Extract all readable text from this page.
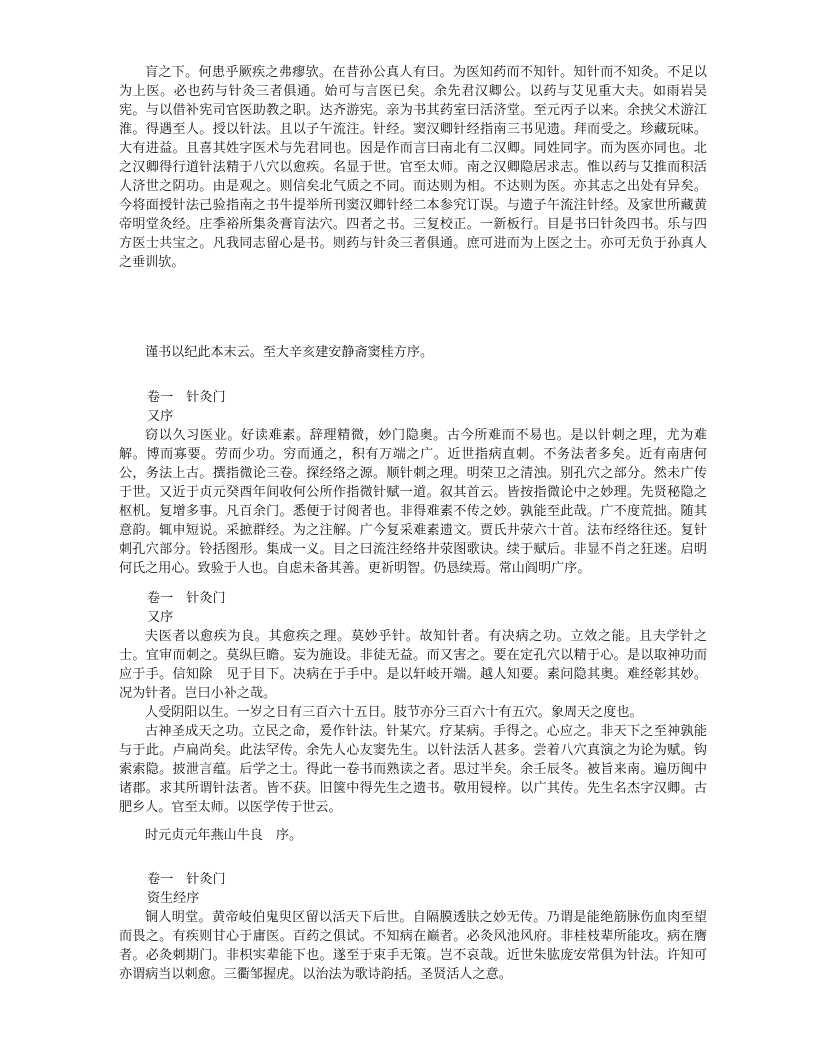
肓之下。何患乎厥疾之弗瘳欤。在昔孙公真人有曰。为医知药而不知针。知针而不知灸。不足以为上医。必也药与针灸三者俱通。始可与言医已矣。余先君汉卿公。以药与艾见重大夫。如雨岩吴宪。与以借补宪司官医助教之职。达齐游宪。亲为书其药室曰活济堂。至元丙子以来。余挟父术游江淮。得遇至人。授以针法。且以子午流注。针经。窦汉卿针经指南三书见遗。拜而受之。珍藏玩味。大有进益。且喜其姓字医术与先君同也。因是作而言曰南北有二汉卿。同姓同字。而为医亦同也。北之汉卿得行道针法精于八穴以愈疾。名显于世。官至太师。南之汉卿隐居求志。惟以药与艾推而积活人济世之阴功。由是观之。则信矣北气质之不同。而达则为相。不达则为医。亦其志之出处有异矣。今将面授针法己验指南之书牛提举所刊窦汉卿针经二本参究订误。与遗子午流注针经。及家世所藏黄帝明堂灸经。庄季裕所集灸膏肓法穴。四者之书。三复校正。一新板行。目是书曰针灸四书。乐与四方医士共宝之。凡我同志留心是书。则药与针灸三者俱通。庶可进而为上医之士。亦可无负于孙真人之垂训欤。

谨书以纪此本末云。至大辛亥建安静斋窦桂方序。

卷一　针灸门

又序

窃以久习医业。好读难素。辞理精微，妙门隐奥。古今所难而不易也。是以针刺之理，尤为难解。博而寡要。劳而少功。穷而通之，积有万端之广。近世指病直刺。不务法者多矣。近有南唐何公，务法上古。撰指微论三卷。探经络之源。顺针刺之理。明荣卫之清浊。别孔穴之部分。然未广传于世。又近于贞元癸酉年间收何公所作指微针赋一道。叙其首云。皆按指微论中之妙理。先贤秘隐之枢机。复增多事。凡百余门。悉便于讨阅者也。非得难素不传之妙。孰能至此哉。广不度荒拙。随其意韵。辄申短说。采摭群经。为之注解。广今复采难素遗文。贾氏井荥六十首。法布经络往还。复针刺孔穴部分。铃括图形。集成一义。目之曰流注经络井荥图歌诀。续于赋后。非显不肖之狂迷。启明何氏之用心。致验于人也。自虑未备其善。更祈明智。仍恳续焉。常山阎明广序。

卷一　针灸门

又序

夫医者以愈疾为良。其愈疾之理。莫妙乎针。故知针者。有决病之功。立效之能。且夫学针之士。宜审而刺之。莫纵巨瞻。妄为施设。非徒无益。而又害之。要在定孔穴以精于心。是以取神功而应于手。信知除　见于目下。决病在于手中。是以轩岐开端。越人知要。素问隐其奥。难经彰其妙。况为针者。岂曰小补之哉。

人受阴阳以生。一岁之日有三百六十五日。肢节亦分三百六十有五穴。象周天之度也。

古神圣成天之功。立民之命，爰作针法。针某穴。疗某病。手得之。心应之。非天下之至神孰能与于此。卢扁尚矣。此法罕传。余先人心友窦先生。以针法活人甚多。尝着八穴真演之为论为赋。钩索索隐。披泄言蕴。后学之士。得此一卷书而熟读之者。思过半矣。余壬辰冬。被旨来南。遍历闽中诸郡。求其所谓针法者。皆不获。旧箧中得先生之遗书。敬用锓梓。以广其传。先生名杰字汉卿。古　肥乡人。官至太师。以医学传于世云。

时元贞元年燕山牛良　序。

卷一　针灸门

资生经序

铜人明堂。黄帝岐伯鬼臾区留以活天下后世。自隔膜透肤之妙无传。乃谓是能绝筋脉伤血肉至望而畏之。有疾则甘心于庸医。百药之俱试。不知病在巅者。必灸风池风府。非桂枝辈所能攻。病在膺者。必灸刺期门。非枳实辈能下也。遂至于束手无策。岂不哀哉。近世朱肱庞安常俱为针法。许知可亦谓病当以刺愈。三衢邹握虎。以治法为歌诗韵括。圣贤活人之意。
